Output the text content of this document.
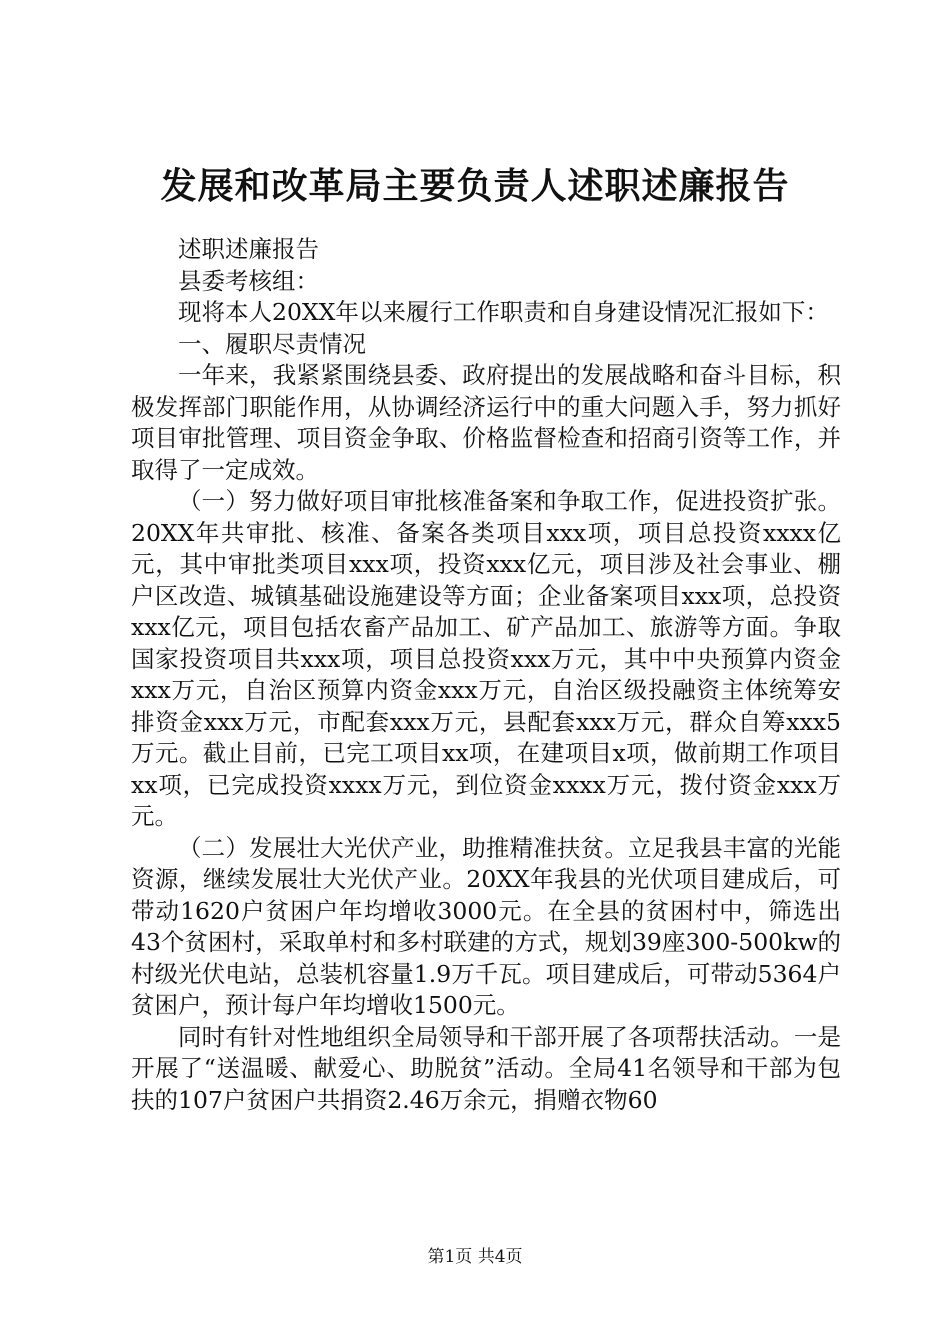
发展和改革局主要负责人述职述廉报告

述职述廉报告

县委考核组：

现将本人20XX年以来履行工作职责和自身建设情况汇报如下：

一、履职尽责情况

一年来，我紧紧围绕县委、政府提出的发展战略和奋斗目标，积极发挥部门职能作用，从协调经济运行中的重大问题入手，努力抓好项目审批管理、项目资金争取、价格监督检查和招商引资等工作，并取得了一定成效。

（一）努力做好项目审批核准备案和争取工作，促进投资扩张。20XX年共审批、核准、备案各类项目xxx项，项目总投资xxxx亿元，其中审批类项目xxx项，投资xxx亿元，项目涉及社会事业、棚户区改造、城镇基础设施建设等方面；企业备案项目xxx项，总投资xxx亿元，项目包括农畜产品加工、矿产品加工、旅游等方面。争取国家投资项目共xxx项，项目总投资xxx万元，其中中央预算内资金xxx万元，自治区预算内资金xxx万元，自治区级投融资主体统筹安排资金xxx万元，市配套xxx万元，县配套xxx万元，群众自筹xxx5万元。截止目前，已完工项目xx项，在建项目x项，做前期工作项目xx项，已完成投资xxxx万元，到位资金xxxx万元，拨付资金xxx万元。

（二）发展壮大光伏产业，助推精准扶贫。立足我县丰富的光能资源，继续发展壮大光伏产业。20XX年我县的光伏项目建成后，可带动1620户贫困户年均增收3000元。在全县的贫困村中，筛选出43个贫困村，采取单村和多村联建的方式，规划39座300-500kw的村级光伏电站，总装机容量1.9万千瓦。项目建成后，可带动5364户贫困户，预计每户年均增收1500元。

同时有针对性地组织全局领导和干部开展了各项帮扶活动。一是开展了“送温暖、献爱心、助脱贫”活动。全局41名领导和干部为包扶的107户贫困户共捐资2.46万余元，捐赠衣物60

第1页 共4页
